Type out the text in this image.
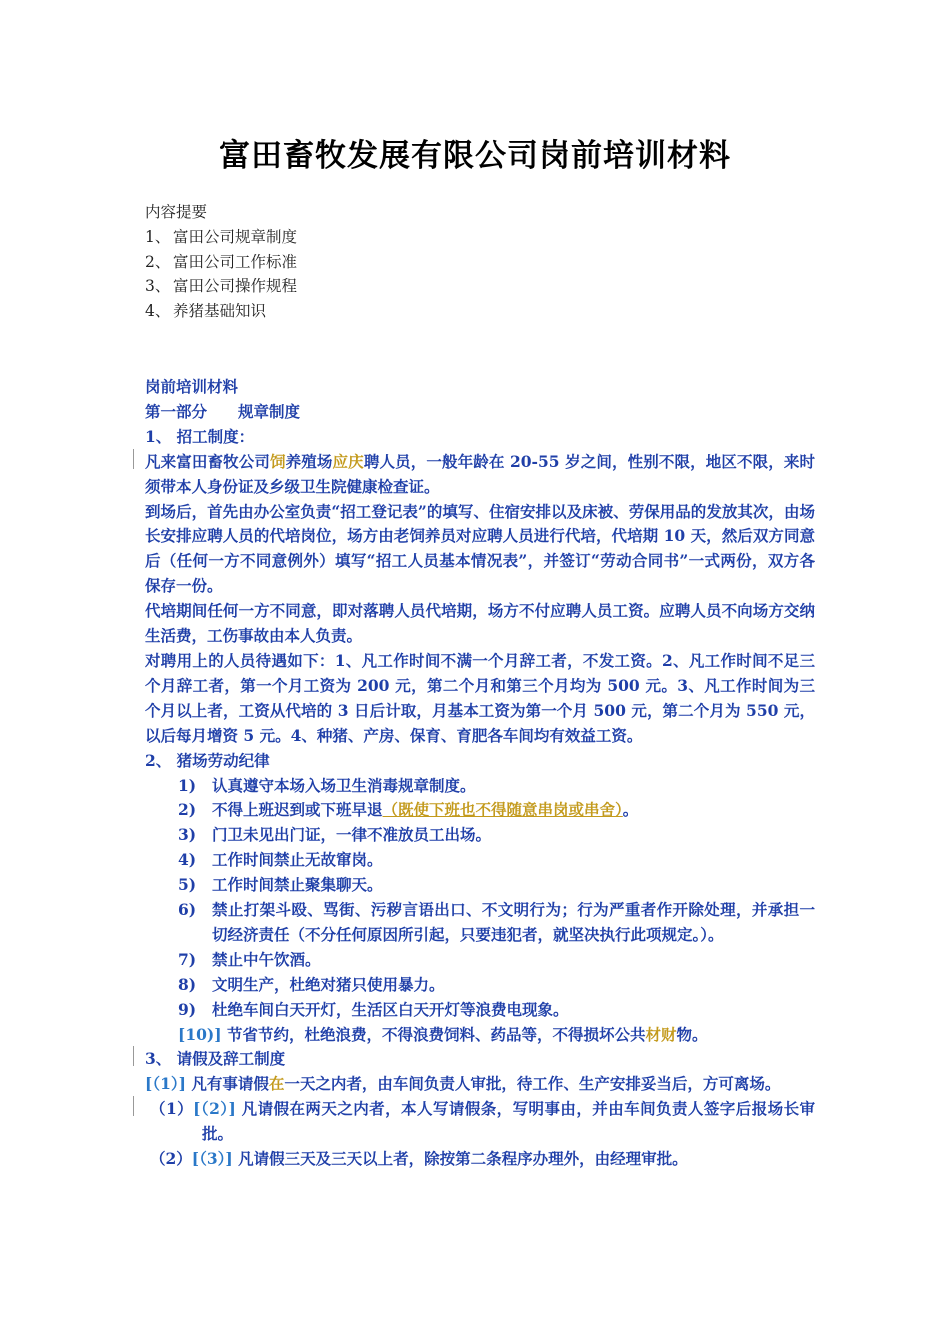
富田畜牧发展有限公司岗前培训材料
内容提要
1、 富田公司规章制度
2、 富田公司工作标准
3、 富田公司操作规程
4、 养猪基础知识
岗前培训材料
第一部分　　规章制度
1、 招工制度：
凡来富田畜牧公司饲养殖场应庆聘人员，一般年龄在 20-55 岁之间，性别不限，地区不限，来时须带本人身份证及乡级卫生院健康检查证。
到场后，首先由办公室负责“招工登记表”的填写、住宿安排以及床被、劳保用品的发放其次，由场长安排应聘人员的代培岗位，场方由老饲养员对应聘人员进行代培，代培期 10 天，然后双方同意后（任何一方不同意例外）填写“招工人员基本情况表”，并签订“劳动合同书”一式两份，双方各保存一份。
代培期间任何一方不同意，即对落聘人员代培期，场方不付应聘人员工资。应聘人员不向场方交纳生活费，工伤事故由本人负责。
对聘用上的人员待遇如下：1、凡工作时间不满一个月辞工者，不发工资。2、凡工作时间不足三个月辞工者，第一个月工资为 200 元，第二个月和第三个月均为 500 元。3、凡工作时间为三个月以上者，工资从代培的 3 日后计取，月基本工资为第一个月 500 元，第二个月为 550 元，以后每月增资 5 元。4、种猪、产房、保育、育肥各车间均有效益工资。
2、 猪场劳动纪律
1)	认真遵守本场入场卫生消毒规章制度。
2)	不得上班迟到或下班早退（既使下班也不得随意串岗或串舍）。
3)	门卫未见出门证，一律不准放员工出场。
4)	工作时间禁止无故窜岗。
5)	工作时间禁止聚集聊天。
6)	禁止打架斗殴、骂街、污秽言语出口、不文明行为；行为严重者作开除处理，并承担一切经济责任（不分任何原因所引起，只要违犯者，就坚决执行此项规定。）。
7)	禁止中午饮酒。
8)	文明生产，杜绝对猪只使用暴力。
9)	杜绝车间白天开灯，生活区白天开灯等浪费电现象。
[10)] 节省节约，杜绝浪费，不得浪费饲料、药品等，不得损坏公共材财物。
3、 请假及辞工制度
[（1）] 凡有事请假在一天之内者，由车间负责人审批，待工作、生产安排妥当后，方可离场。
（1）[（2）] 凡请假在两天之内者，本人写请假条，写明事由，并由车间负责人签字后报场长审批。
（2）[（3）] 凡请假三天及三天以上者，除按第二条程序办理外，由经理审批。
